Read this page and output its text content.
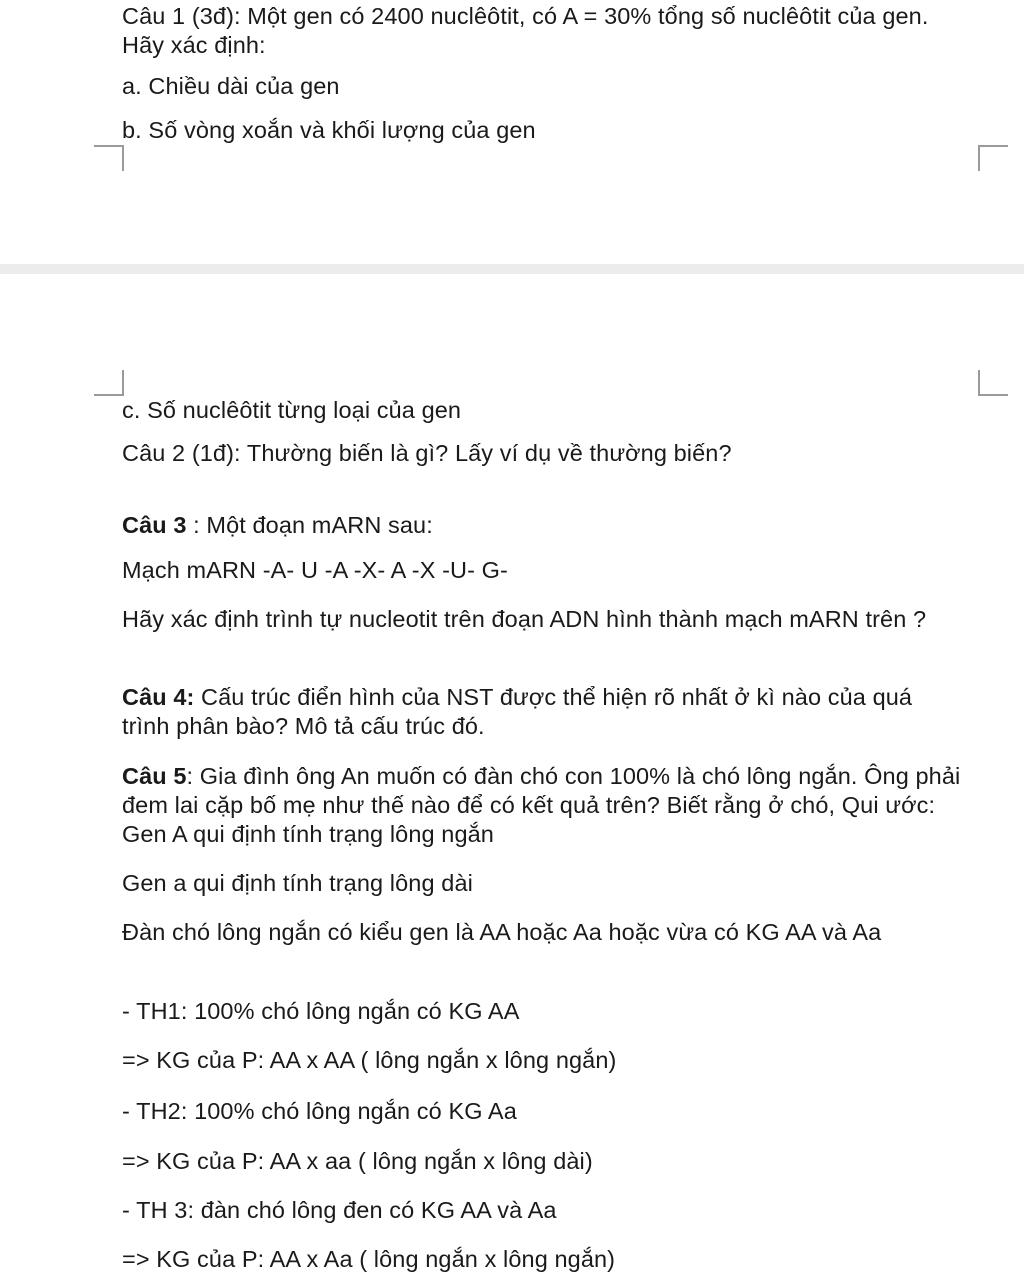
Câu 1 (3đ): Một gen có 2400 nuclêôtit, có A = 30% tổng số nuclêôtit của gen. Hãy xác định:
a. Chiều dài của gen
b. Số vòng xoắn và khối lượng của gen
c. Số nuclêôtit từng loại của gen
Câu 2 (1đ): Thường biến là gì? Lấy ví dụ về thường biến?
Câu 3 : Một đoạn mARN sau:
Mạch mARN -A- U -A -X- A -X -U- G-
Hãy xác định trình tự nucleotit trên đoạn ADN hình thành mạch mARN trên ?
Câu 4: Cấu trúc điển hình của NST được thể hiện rõ nhất ở kì nào của quá trình phân bào? Mô tả cấu trúc đó.
Câu 5: Gia đình ông An muốn có đàn chó con 100% là chó lông ngắn. Ông phải đem lai cặp bố mẹ như thế nào để có kết quả trên? Biết rằng ở chó, Qui ước: Gen A qui định tính trạng lông ngắn
Gen a qui định tính trạng lông dài
Đàn chó lông ngắn có kiểu gen là AA hoặc Aa hoặc vừa có KG AA và Aa
- TH1: 100% chó lông ngắn có KG AA
=> KG của P: AA x AA ( lông ngắn x lông ngắn)
- TH2: 100% chó lông ngắn có KG Aa
=> KG của P: AA x aa ( lông ngắn x lông dài)
- TH 3: đàn chó lông đen có KG AA và Aa
=> KG của P: AA x Aa ( lông ngắn x lông ngắn)
